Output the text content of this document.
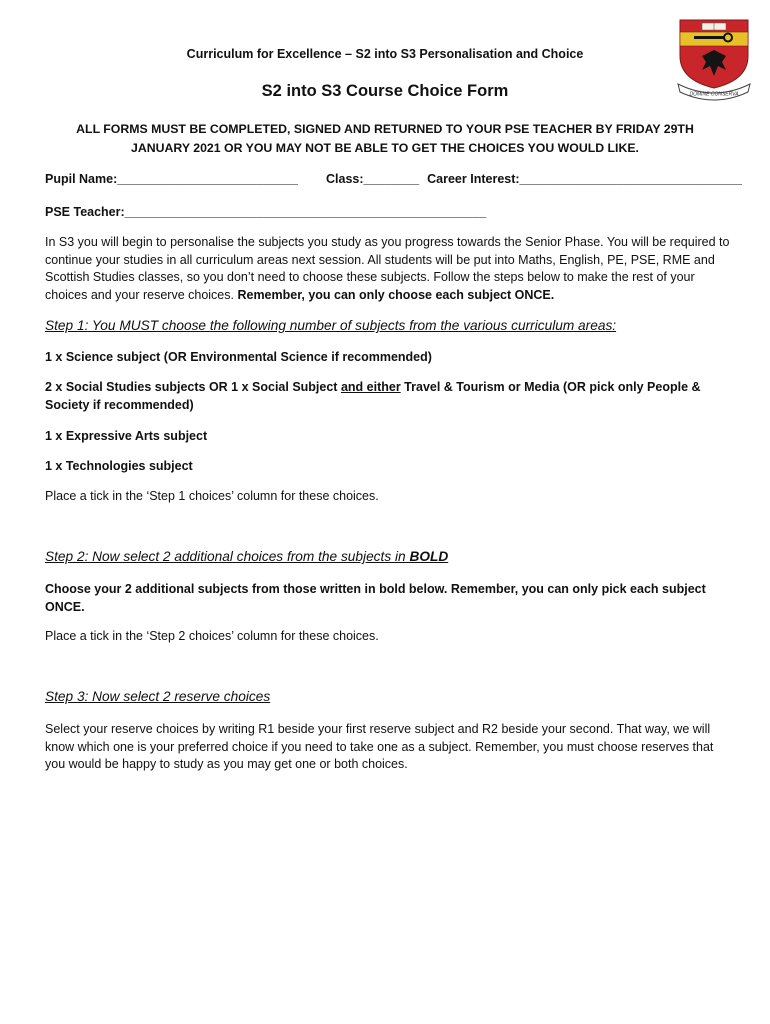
DOMINE CONSERVA
Curriculum for Excellence – S2 into S3 Personalisation and Choice
S2 into S3 Course Choice Form
ALL FORMS MUST BE COMPLETED, SIGNED AND RETURNED TO YOUR PSE TEACHER BY FRIDAY 29TH JANUARY 2021 OR YOU MAY NOT BE ABLE TO GET THE CHOICES YOU WOULD LIKE.
Pupil Name:__________________________ Class:________ Career Interest:________________________________
PSE Teacher:____________________________________________________
In S3 you will begin to personalise the subjects you study as you progress towards the Senior Phase. You will be required to continue your studies in all curriculum areas next session. All students will be put into Maths, English, PE, PSE, RME and Scottish Studies classes, so you don’t need to choose these subjects. Follow the steps below to make the rest of your choices and your reserve choices. Remember, you can only choose each subject ONCE.
Step 1: You MUST choose the following number of subjects from the various curriculum areas:
1 x Science subject (OR Environmental Science if recommended)
2 x Social Studies subjects OR 1 x Social Subject and either Travel & Tourism or Media (OR pick only People & Society if recommended)
1 x Expressive Arts subject
1 x Technologies subject
Place a tick in the ‘Step 1 choices’ column for these choices.
Step 2: Now select 2 additional choices from the subjects in BOLD
Choose your 2 additional subjects from those written in bold below. Remember, you can only pick each subject ONCE.
Place a tick in the ‘Step 2 choices’ column for these choices.
Step 3: Now select 2 reserve choices
Select your reserve choices by writing R1 beside your first reserve subject and R2 beside your second. That way, we will know which one is your preferred choice if you need to take one as a subject. Remember, you must choose reserves that you would be happy to study as you may get one or both choices.
